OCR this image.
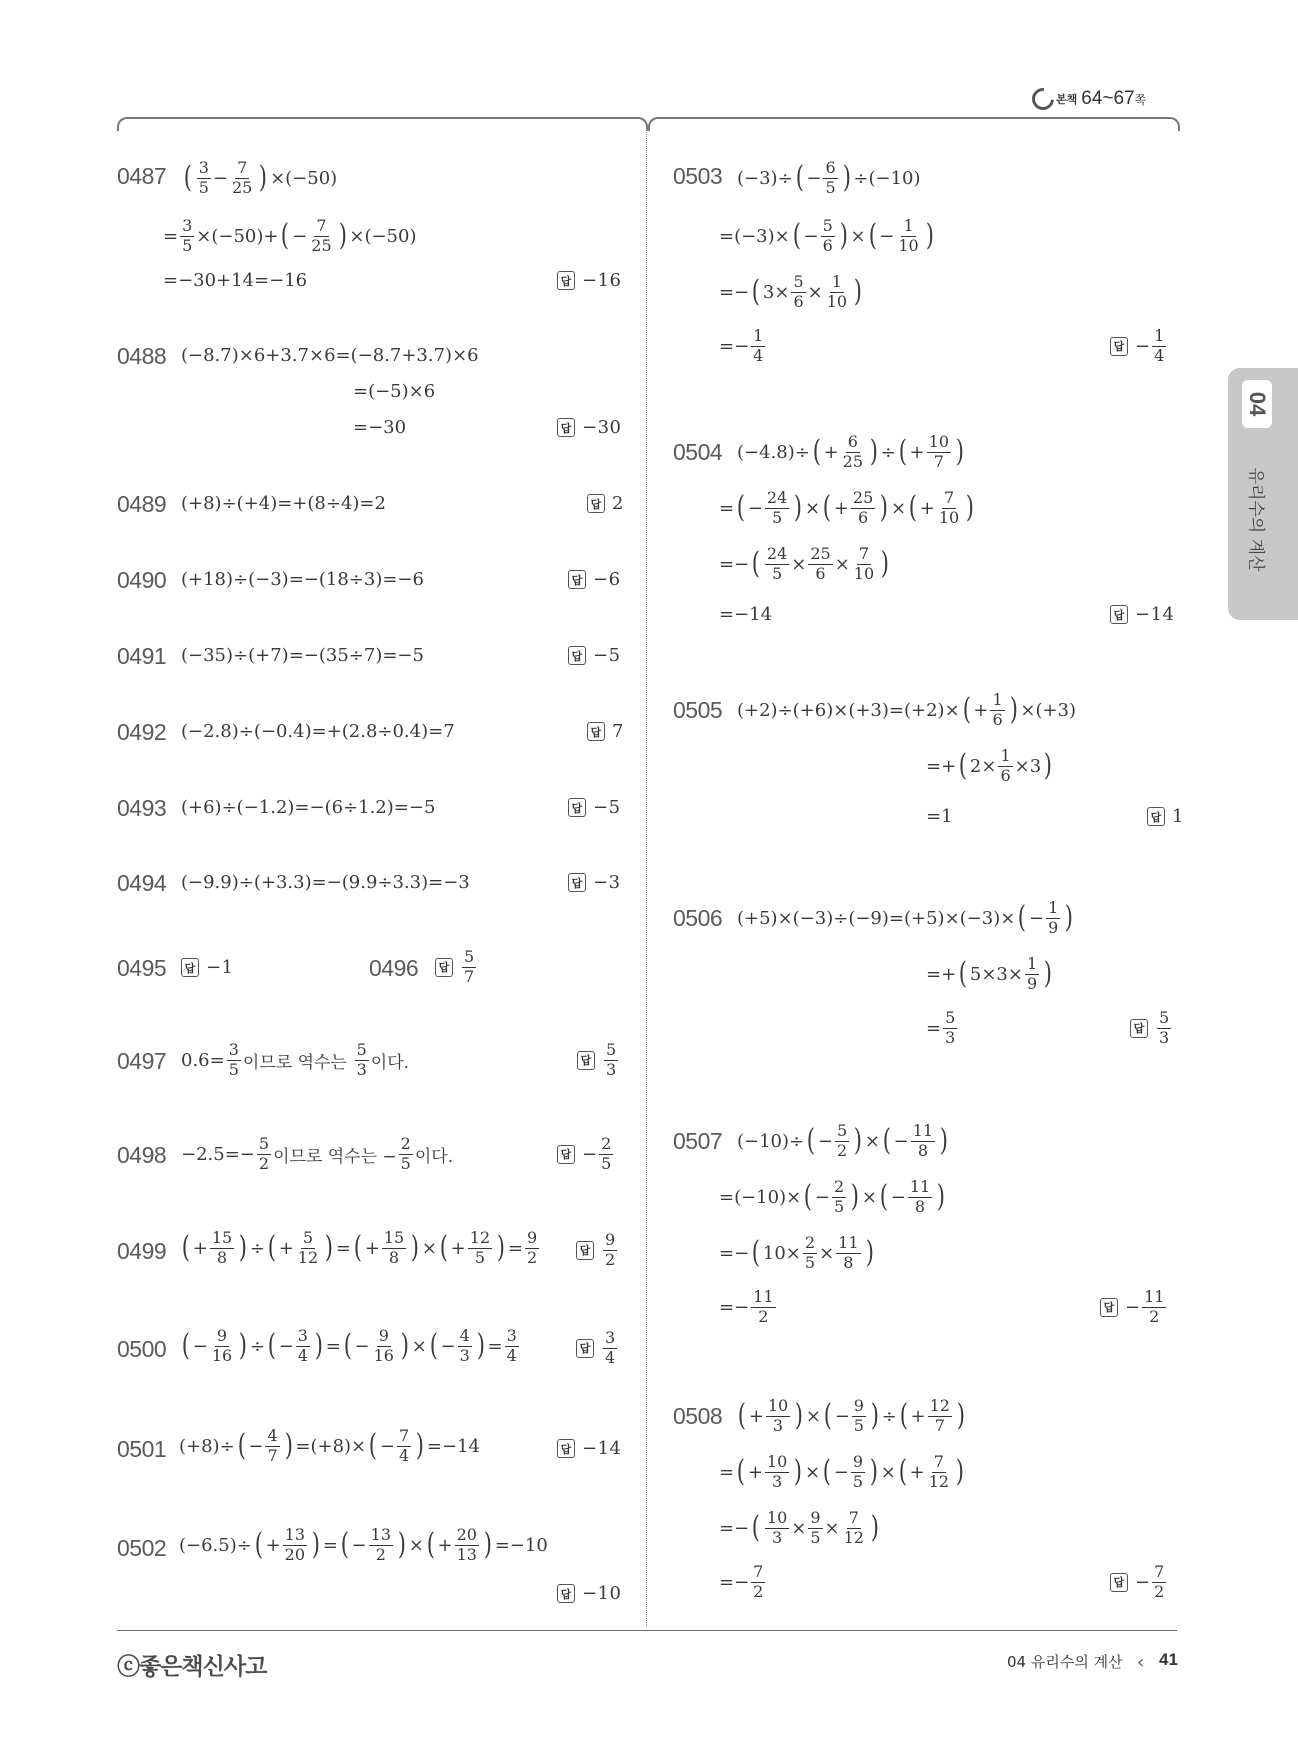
본책 64~67쪽
04
유리수의 계산
0487 ( $\frac{3}{5} - \frac{7}{25}$ ) ×(−50)
= $\frac{3}{5} \times(-50)+$ ( − $\frac{7}{25}$ ) ×(−50)
=−30+14=−16	답 −16
0488 (−8.7)×6+3.7×6=(−8.7+3.7)×6
=(−5)×6
=−30	답 −30
0489 (+8)÷(+4)=+(8÷4)=2	답 2
0490 (+18)÷(−3)=−(18÷3)=−6	답 −6
0491 (−35)÷(+7)=−(35÷7)=−5	답 −5
0492 (−2.8)÷(−0.4)=+(2.8÷0.4)=7	답 7
0493 (+6)÷(−1.2)=−(6÷1.2)=−5	답 −5
0494 (−9.9)÷(+3.3)=−(9.9÷3.3)=−3	답 −3
0495	답 −1	0496	답 $\frac{5}{7}$
0497 $0.6= \frac{3}{5}$ 이므로 역수는
$\frac{5}{3}$ 이다.	답 $\frac{5}{3}$
$0498 -2.5=- \frac{5}{2}$ 이므로 역수는 − $\frac{2}{5}$ 이다.	답 − $\frac{2}{5}$
0499 ( + $\frac{15}{8}$ ) ÷ ( + $\frac{5}{12}$ ) = ( + $\frac{15}{8}$ ) × ( + $\frac{12}{5}$ ) = $\frac{9}{2}$	답 $\frac{9}{2}$
0500 ( − $\frac{9}{16}$ ) ÷ ( − $\frac{3}{4}$ ) = ( − $\frac{9}{16}$ ) × ( − $\frac{4}{3}$ ) = $\frac{3}{4}$	답 $\frac{3}{4}$
0501 (+8)÷ ( − $\frac{4}{7}$ ) =(+8)× ( − $\frac{7}{4}$ ) =−14	답 −14
0502 (−6.5)÷ ( + $\frac{13}{20}$ ) = ( − $\frac{13}{2}$ ) × ( + $\frac{20}{13}$ ) =−10
답 −10
0503 (−3)÷ ( − $\frac{6}{5}$ ) ÷(−10)
=(−3)× ( − $\frac{5}{6}$ ) × ( − $\frac{1}{10}$ )
=− ( $3\times \frac{5}{6} \times \frac{1}{10}$ )
=− $\frac{1}{4}$	답 − $\frac{1}{4}$
0504 (−4.8)÷ ( + $\frac{6}{25}$ ) ÷ ( + $\frac{10}{7}$ )
= ( − $\frac{24}{5}$ ) × ( + $\frac{25}{6}$ ) × ( + $\frac{7}{10}$ )
=− ( $\frac{24}{5} \times \frac{25}{6} \times \frac{7}{10}$ )
=−14	답 −14
0505 (+2)÷(+6)×(+3)=(+2)× ( + $\frac{1}{6}$ ) ×(+3)
=+ ( $2\times \frac{1}{6} \times 3$ )
=1	답 1
0506 (+5)×(−3)÷(−9)=(+5)×(−3)× ( − $\frac{1}{9}$ )
=+ ( $5\times 3\times \frac{1}{9}$ )
= $\frac{5}{3}$	답 $\frac{5}{3}$
0507 (−10)÷ ( − $\frac{5}{2}$ ) × ( − $\frac{11}{8}$ )
=(−10)× ( − $\frac{2}{5}$ ) × ( − $\frac{11}{8}$ )
=− ( $10\times \frac{2}{5} \times \frac{11}{8}$ )
=− $\frac{11}{2}$	답 − $\frac{11}{2}$
0508 ( + $\frac{10}{3}$ ) × ( − $\frac{9}{5}$ ) ÷ ( + $\frac{12}{7}$ )
= ( + $\frac{10}{3}$ ) × ( − $\frac{9}{5}$ ) × ( + $\frac{7}{12}$ )
=− ( $\frac{10}{3} \times \frac{9}{5} \times \frac{7}{12}$ )
=− $\frac{7}{2}$	답 − $\frac{7}{2}$
ⓒ좋은책신사고	04 유리수의 계산 ‹ 41
